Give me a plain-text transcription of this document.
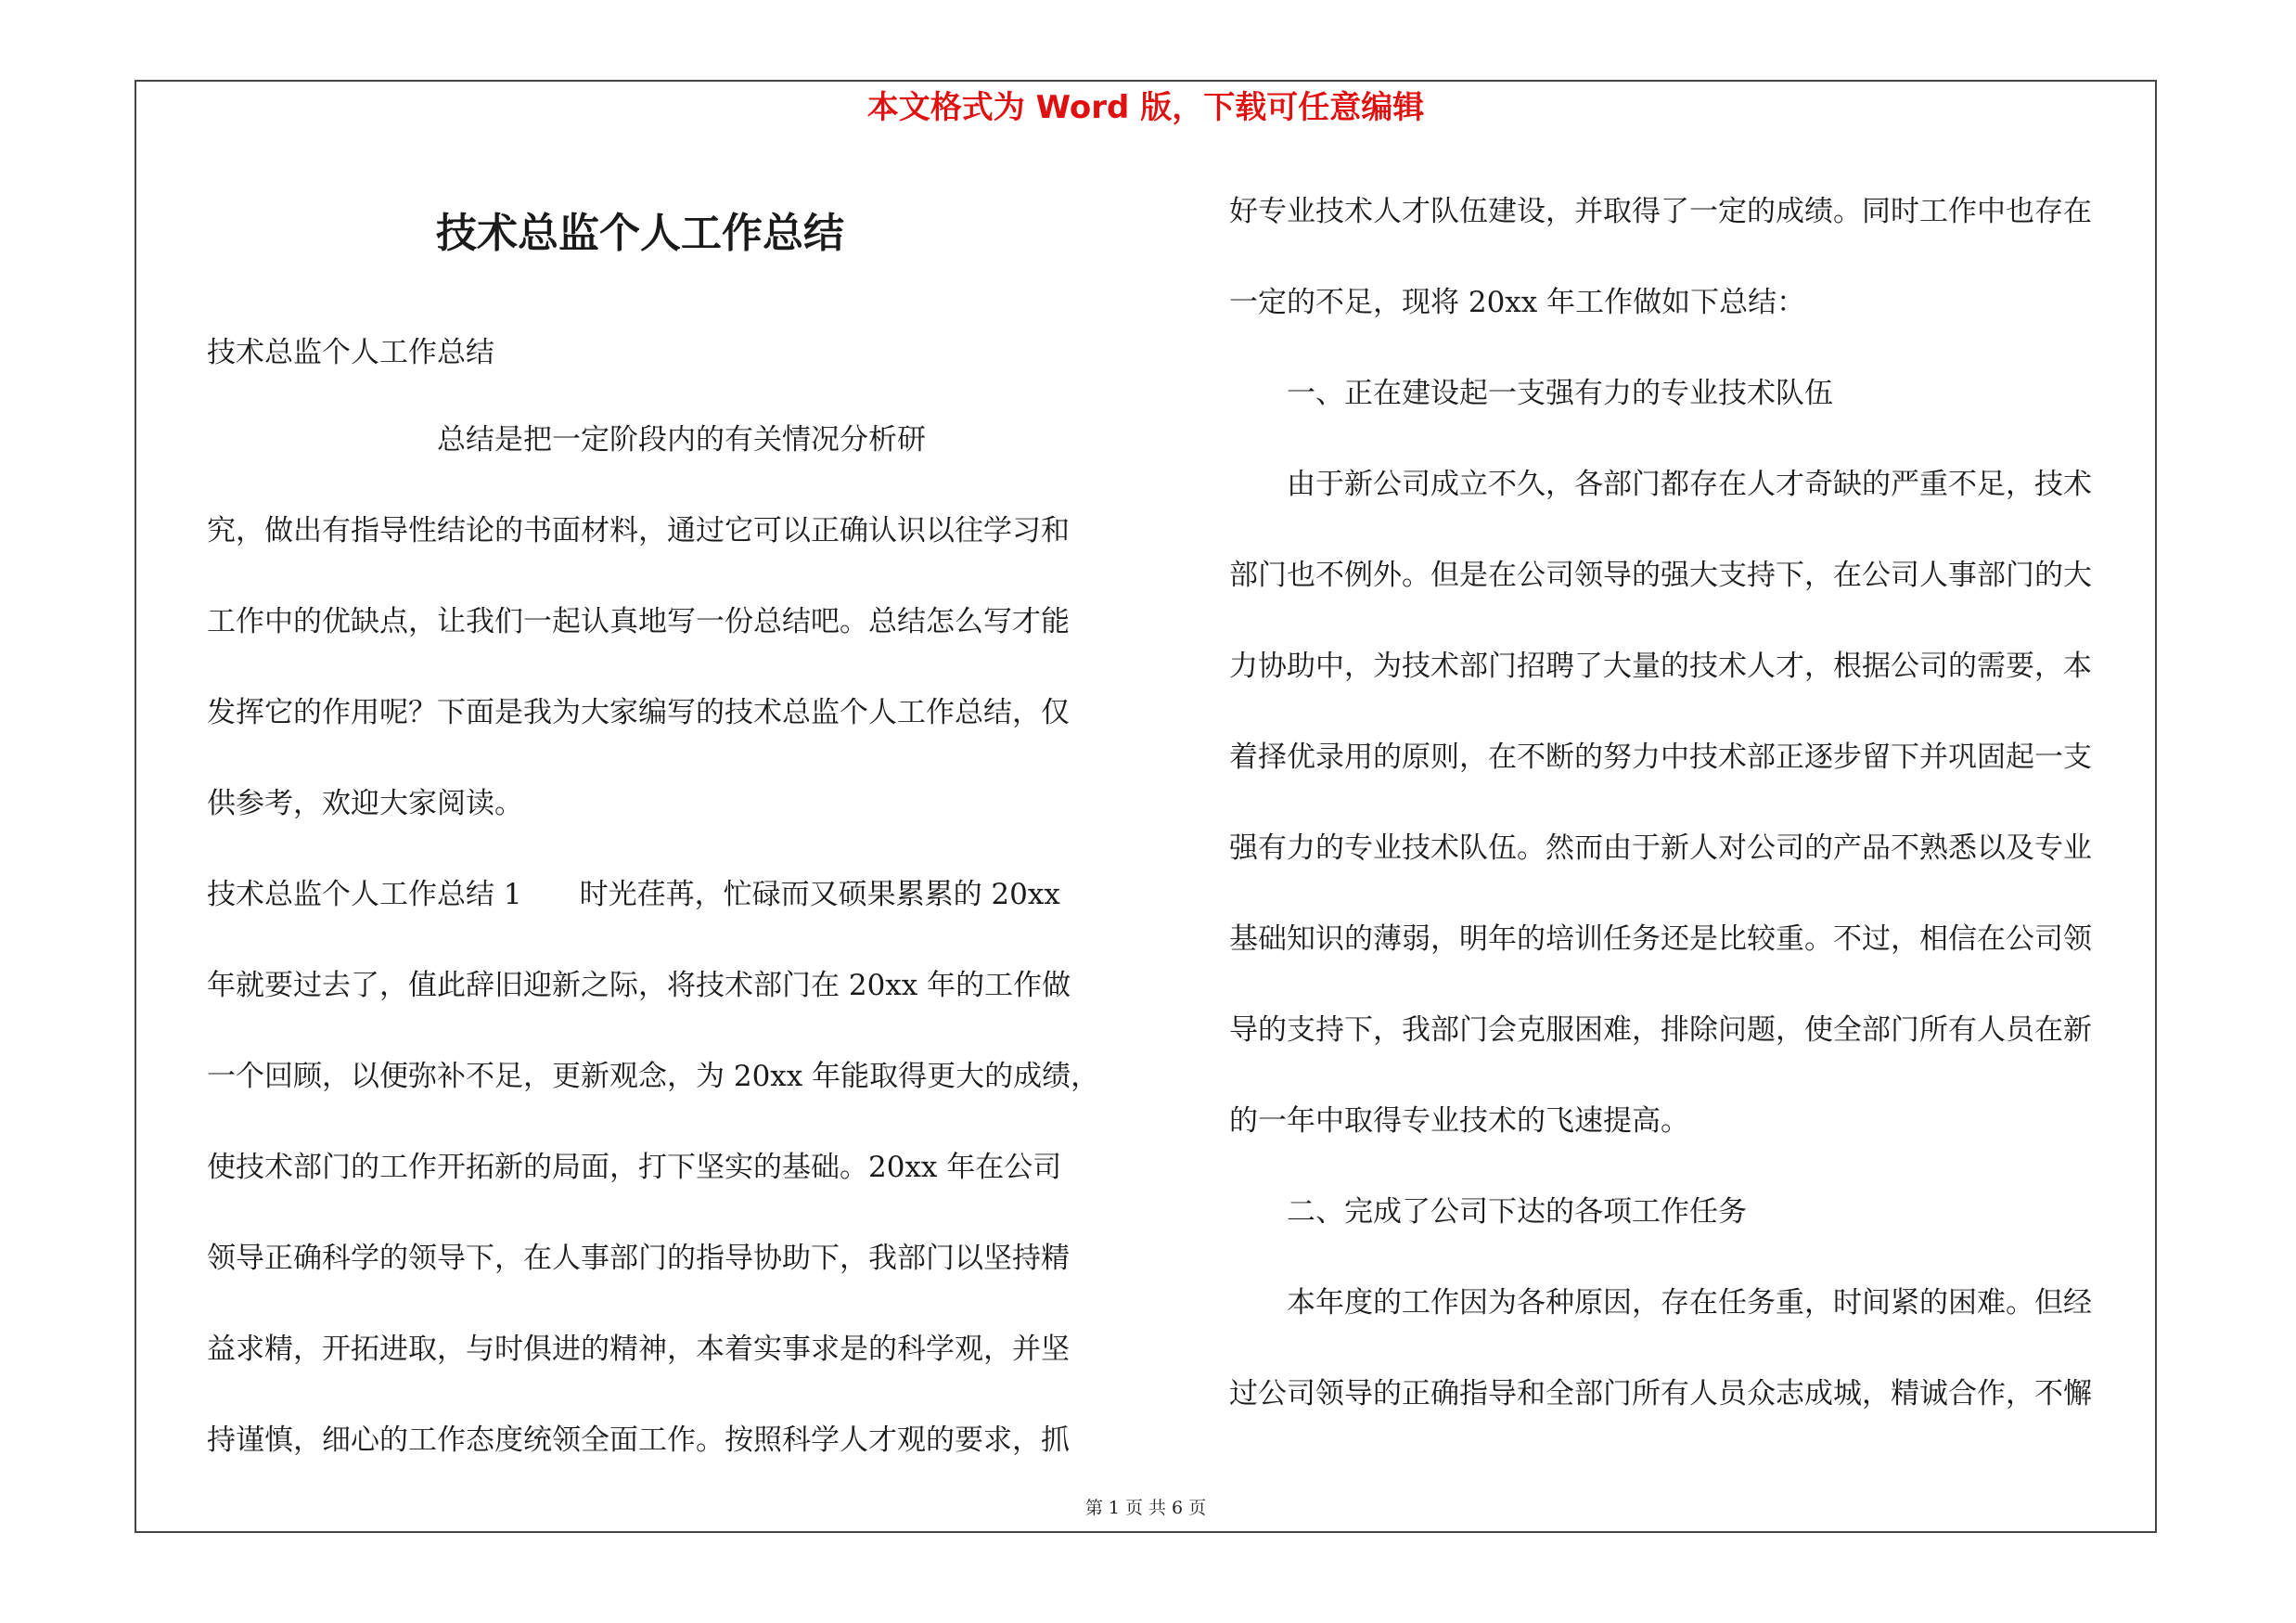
本文格式为 Word 版，下载可任意编辑
技术总监个人工作总结

技术总监个人工作总结

　　　　　　　　总结是把一定阶段内的有关情况分析研

究，做出有指导性结论的书面材料，通过它可以正确认识以往学习和

工作中的优缺点，让我们一起认真地写一份总结吧。总结怎么写才能

发挥它的作用呢？下面是我为大家编写的技术总监个人工作总结，仅

供参考，欢迎大家阅读。

技术总监个人工作总结 1　　时光荏苒，忙碌而又硕果累累的 20xx

年就要过去了，值此辞旧迎新之际，将技术部门在 20xx 年的工作做

一个回顾，以便弥补不足，更新观念，为 20xx 年能取得更大的成绩，

使技术部门的工作开拓新的局面，打下坚实的基础。20xx 年在公司

领导正确科学的领导下，在人事部门的指导协助下，我部门以坚持精

益求精，开拓进取，与时俱进的精神，本着实事求是的科学观，并坚

持谨慎，细心的工作态度统领全面工作。按照科学人才观的要求，抓

好专业技术人才队伍建设，并取得了一定的成绩。同时工作中也存在

一定的不足，现将 20xx 年工作做如下总结：

　　一、正在建设起一支强有力的专业技术队伍

　　由于新公司成立不久，各部门都存在人才奇缺的严重不足，技术

部门也不例外。但是在公司领导的强大支持下，在公司人事部门的大

力协助中，为技术部门招聘了大量的技术人才，根据公司的需要，本

着择优录用的原则，在不断的努力中技术部正逐步留下并巩固起一支

强有力的专业技术队伍。然而由于新人对公司的产品不熟悉以及专业

基础知识的薄弱，明年的培训任务还是比较重。不过，相信在公司领

导的支持下，我部门会克服困难，排除问题，使全部门所有人员在新

的一年中取得专业技术的飞速提高。

　　二、完成了公司下达的各项工作任务

　　本年度的工作因为各种原因，存在任务重，时间紧的困难。但经

过公司领导的正确指导和全部门所有人员众志成城，精诚合作，不懈

第 1 页 共 6 页
